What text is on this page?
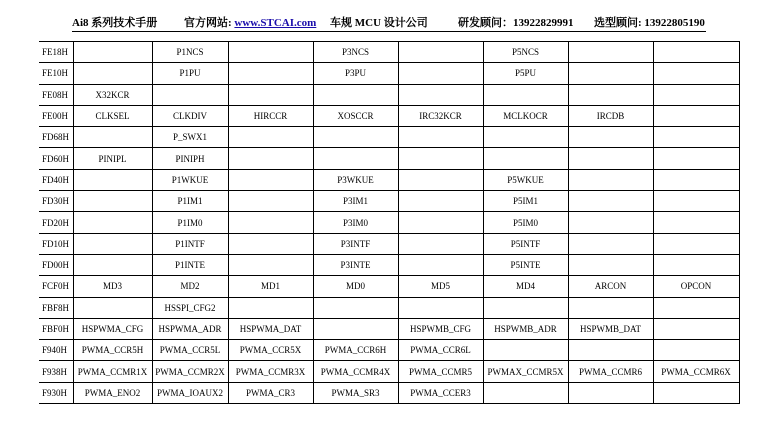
Ai8 系列技术手册 官方网站: www.STCAI.com 车规 MCU 设计公司	研发顾问：13922829991 选型顾问: 13922805190
FE18H		P1NCS		P3NCS		P5NCS		
FE10H		P1PU		P3PU		P5PU		
FE08H	X32KCR							
FE00H	CLKSEL	CLKDIV	HIRCCR	XOSCCR	IRC32KCR	MCLKOCR	IRCDB	
FD68H		P_SWX1						
FD60H	PINIPL	PINIPH						
FD40H		P1WKUE		P3WKUE		P5WKUE		
FD30H		P1IM1		P3IM1		P5IM1		
FD20H		P1IM0		P3IM0		P5IM0		
FD10H		P1INTF		P3INTF		P5INTF		
FD00H		P1INTE		P3INTE		P5INTE		
FCF0H	MD3	MD2	MD1	MD0	MD5	MD4	ARCON	OPCON
FBF8H		HSSPI_CFG2						
FBF0H	HSPWMA_CFG	HSPWMA_ADR	HSPWMA_DAT		HSPWMB_CFG	HSPWMB_ADR	HSPWMB_DAT	
F940H	PWMA_CCR5H	PWMA_CCR5L	PWMA_CCR5X	PWMA_CCR6H	PWMA_CCR6L			
F938H	PWMA_CCMR1X	PWMA_CCMR2X	PWMA_CCMR3X	PWMA_CCMR4X	PWMA_CCMR5	PWMAX_CCMR5X	PWMA_CCMR6	PWMA_CCMR6X
F930H	PWMA_ENO2	PWMA_IOAUX2	PWMA_CR3	PWMA_SR3	PWMA_CCER3			
